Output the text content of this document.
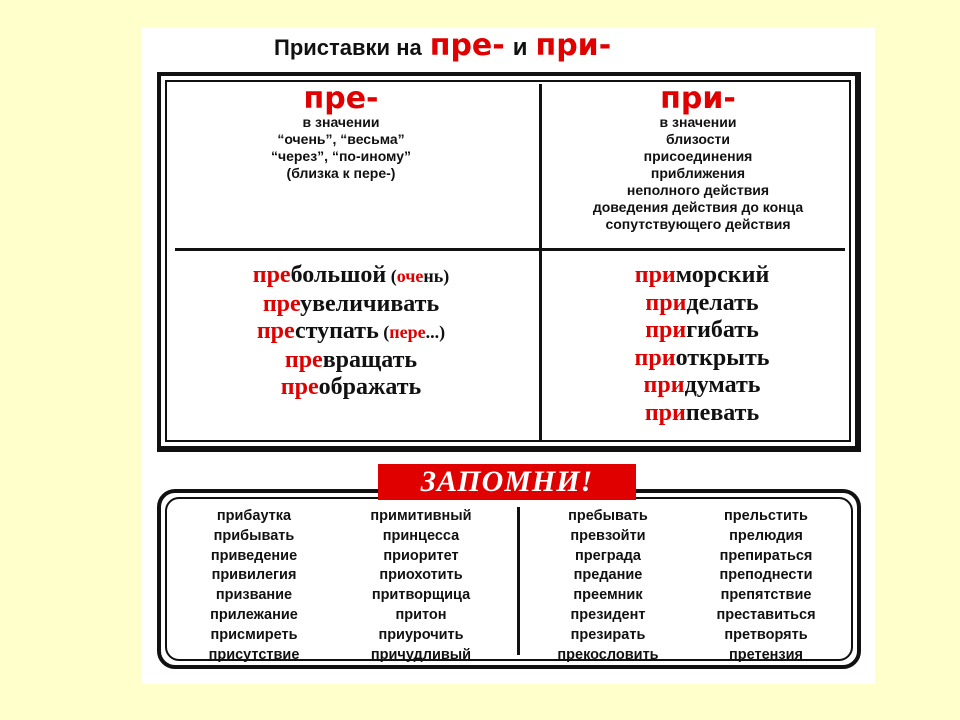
Приставки на пре- и при-
пре-
в значении
“очень”, “весьма”
“через”, “по-иному”
(близка к пере-)
при-
в значении
близости
присоединения
приближения
неполного действия
доведения действия до конца
сопутствующего действия
пребольшой (очень)
преувеличивать
преступать (пере...)
превращать
преображать
приморский
приделать
пригибать
приоткрыть
придумать
припевать
прибаутка
прибывать
приведение
привилегия
призвание
прилежание
присмиреть
присутствие
примитивный
принцесса
приоритет
приохотить
притворщица
притон
приурочить
причудливый
пребывать
превзойти
преграда
предание
преемник
президент
презирать
прекословить
прельстить
прелюдия
препираться
преподнести
препятствие
преставиться
претворять
претензия
ЗАПОМНИ!
